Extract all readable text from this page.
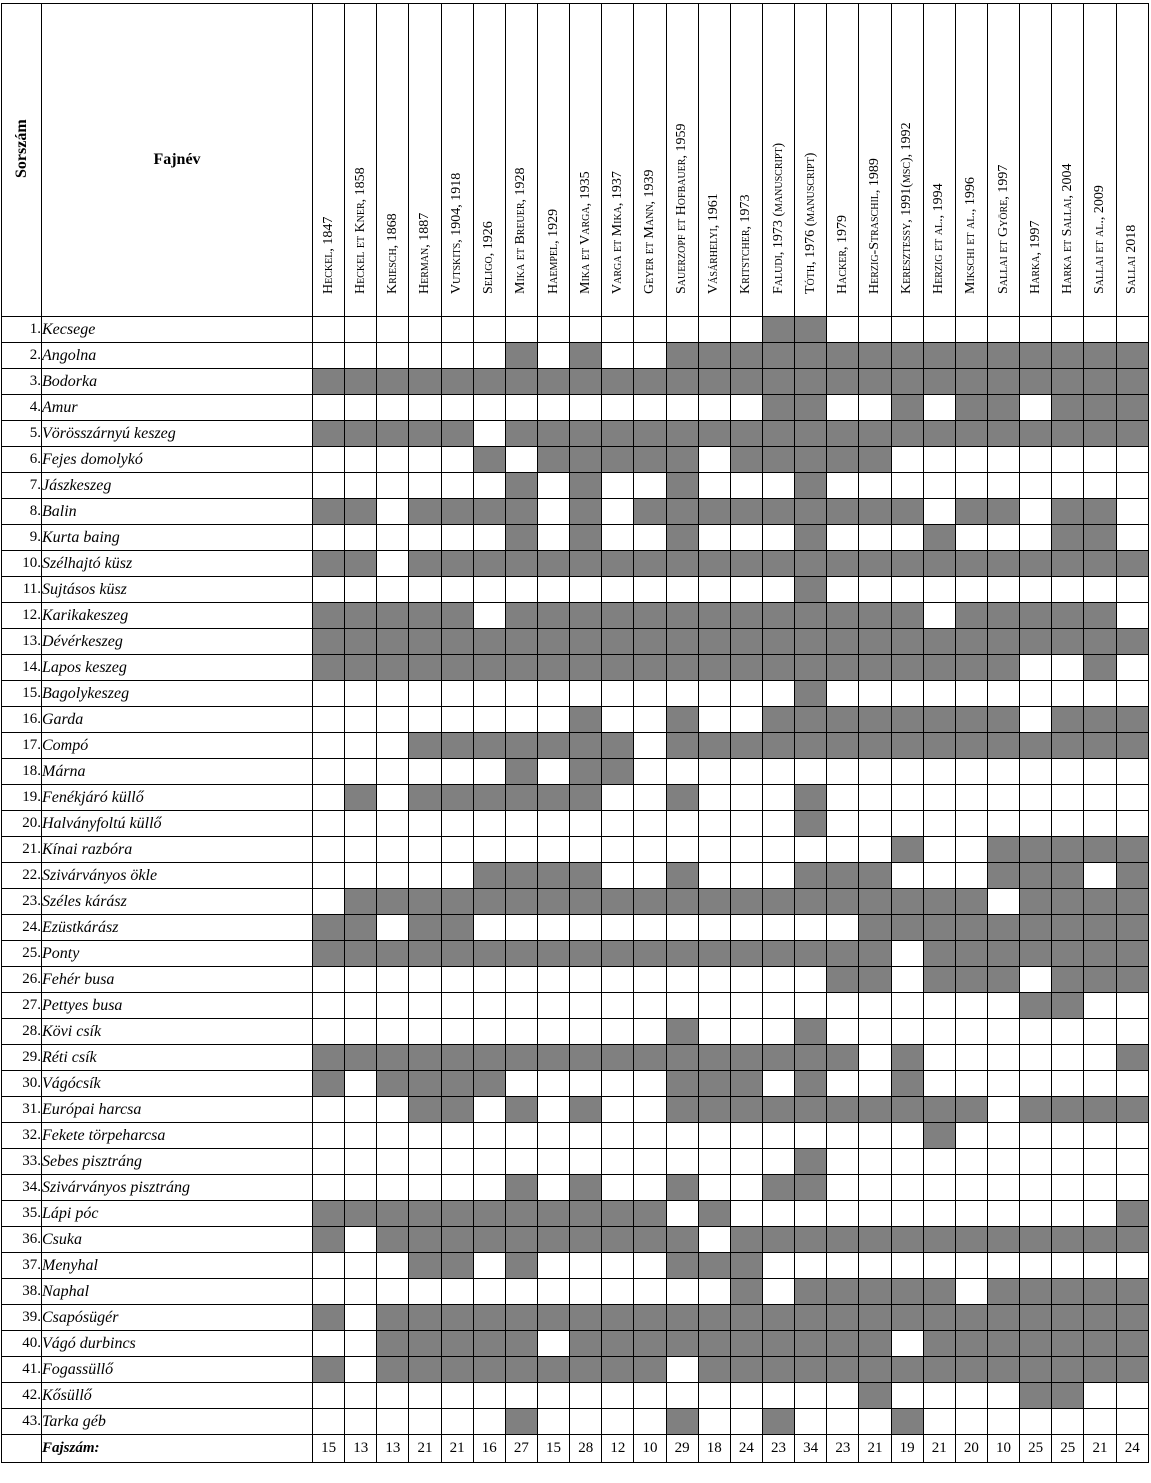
Sorszám	Fajnév	Heckel, 1847	Heckel et Kner, 1858	Kriesch, 1868	Herman, 1887	Vutskits, 1904, 1918	Seligo, 1926	Mika et Breuer, 1928	Haempel, 1929	Mika et Varga, 1935	Varga et Mika, 1937	Geyer et Mann, 1939	Sauerzopf et Hofbauer, 1959	Vásárhelyi, 1961	Kritstcher, 1973	Faludi, 1973 (manuscript)	Tóth, 1976 (manuscript)	Hacker, 1979	Herzig-Straschil, 1989	Keresztessy, 1991(msc), 1992	Herzig et al., 1994	Mikschi et al., 1996	Sallai et Györe, 1997	Harka, 1997	Harka et Sallai, 2004	Sallai et al., 2009	Sallai 2018

1.	Kecsege																										
2.	Angolna																										
3.	Bodorka																										
4.	Amur																										
5.	Vörösszárnyú keszeg																										
6.	Fejes domolykó																										
7.	Jászkeszeg																										
8.	Balin																										
9.	Kurta baing																										
10.	Szélhajtó küsz																										
11.	Sujtásos küsz																										
12.	Karikakeszeg																										
13.	Dévérkeszeg																										
14.	Lapos keszeg																										
15.	Bagolykeszeg																										
16.	Garda																										
17.	Compó																										
18.	Márna																										
19.	Fenékjáró küllő																										
20.	Halványfoltú küllő																										
21.	Kínai razbóra																										
22.	Szivárványos ökle																										
23.	Széles kárász																										
24.	Ezüstkárász																										
25.	Ponty																										
26.	Fehér busa																										
27.	Pettyes busa																										
28.	Kövi csík																										
29.	Réti csík																										
30.	Vágócsík																										
31.	Európai harcsa																										
32.	Fekete törpeharcsa																										
33.	Sebes pisztráng																										
34.	Szivárványos pisztráng																										
35.	Lápi póc																										
36.	Csuka																										
37.	Menyhal																										
38.	Naphal																										
39.	Csapósügér																										
40.	Vágó durbincs																										
41.	Fogassüllő																										
42.	Kősüllő																										
43.	Tarka géb																										
	Fajszám:	15	13	13	21	21	16	27	15	28	12	10	29	18	24	23	34	23	21	19	21	20	10	25	25	21	24
